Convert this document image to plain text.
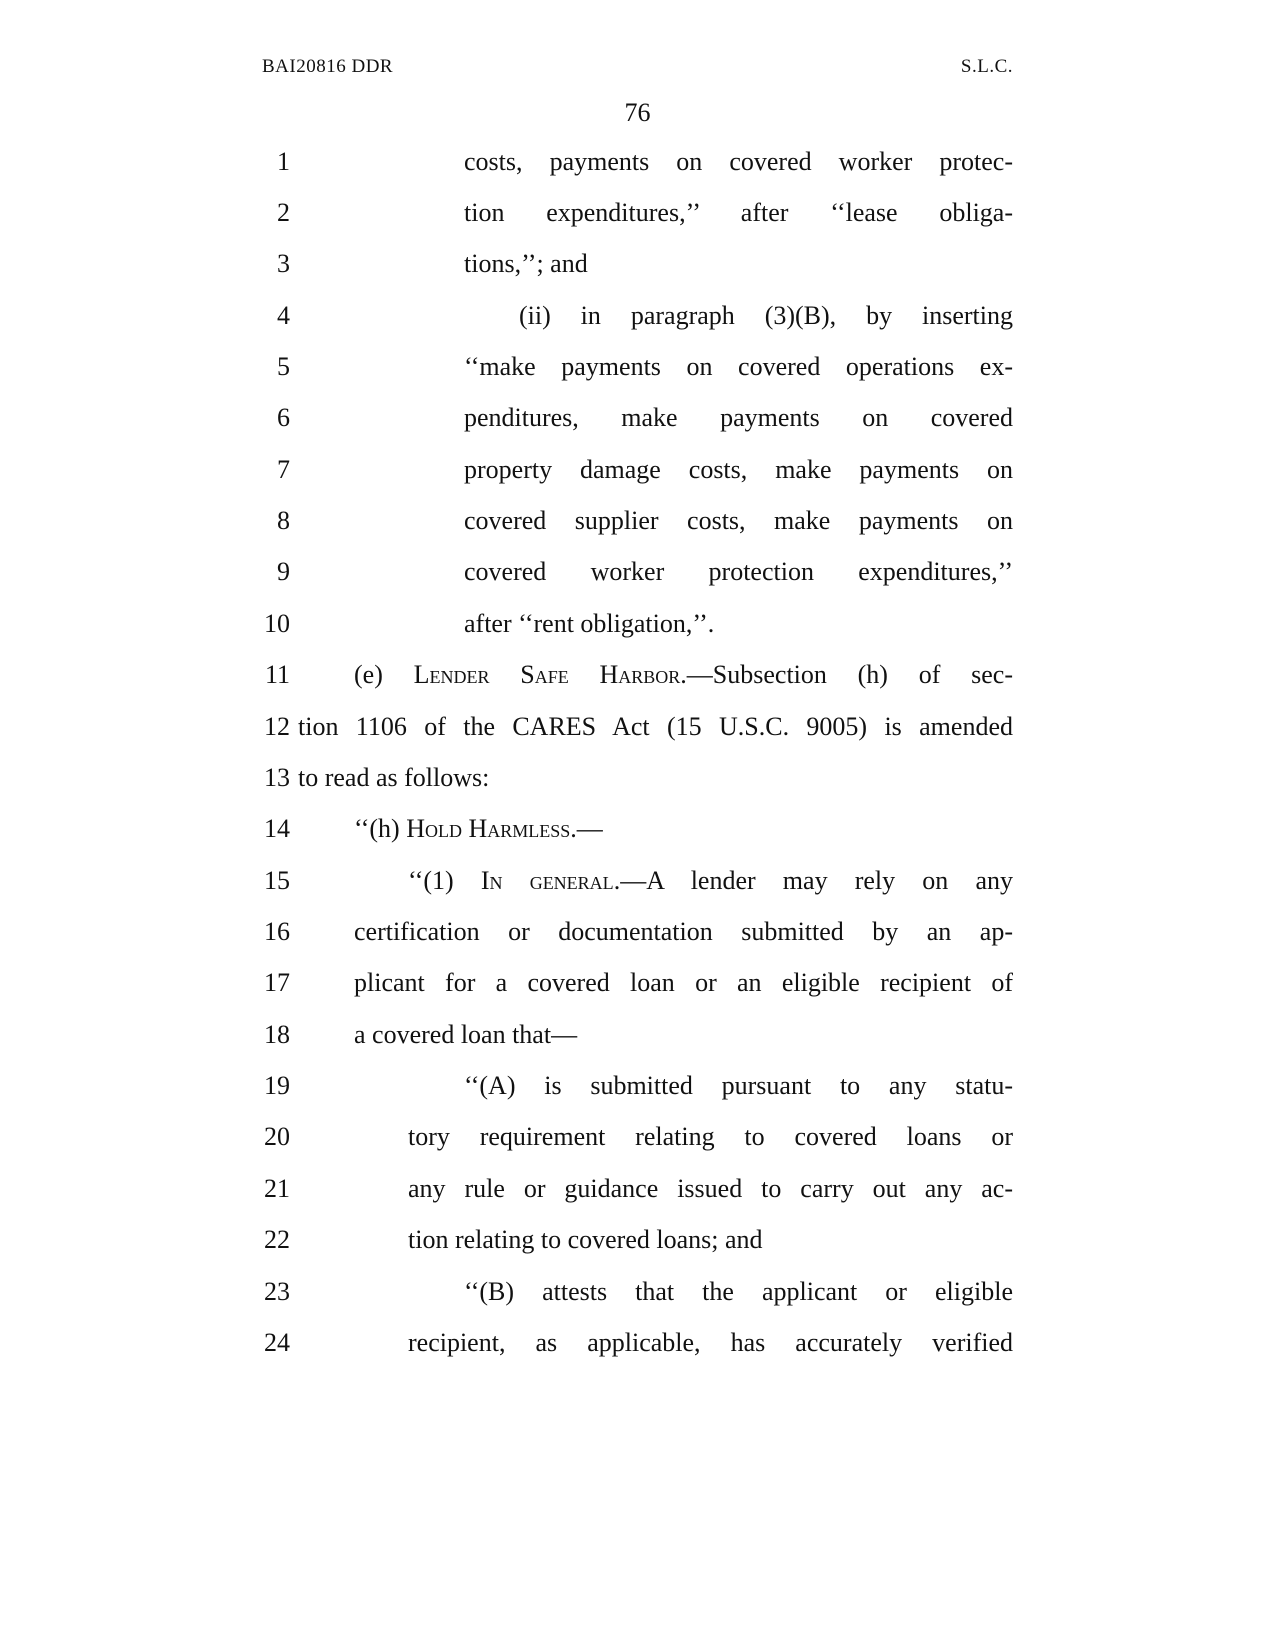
BAI20816 DDR	S.L.C.
76
1	costs, payments on covered worker protec-
2	tion expenditures,’’ after ‘‘lease obliga-
3	tions,’’; and
4	(ii) in paragraph (3)(B), by inserting
5	‘‘make payments on covered operations ex-
6	penditures, make payments on covered
7	property damage costs, make payments on
8	covered supplier costs, make payments on
9	covered worker protection expenditures,’’
10	after ‘‘rent obligation,’’.
11 (e) Lender Safe Harbor.—Subsection (h) of sec-
12 tion 1106 of the CARES Act (15 U.S.C. 9005) is amended
13 to read as follows:
14 ‘‘(h) Hold Harmless.—
15	‘‘(1) In general.—A lender may rely on any
16 certification or documentation submitted by an ap-
17 plicant for a covered loan or an eligible recipient of
18 a covered loan that—
19	‘‘(A) is submitted pursuant to any statu-
20	tory requirement relating to covered loans or
21	any rule or guidance issued to carry out any ac-
22	tion relating to covered loans; and
23	‘‘(B) attests that the applicant or eligible
24	recipient, as applicable, has accurately verified
